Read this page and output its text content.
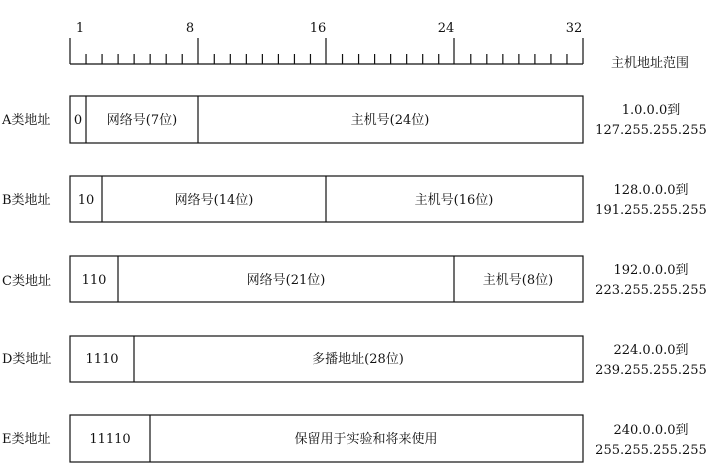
1	8	16	24	32
主机地址范围
A类地址 0 网络号(7位)	主机号(24位)
1.0.0.0到
127.255.255.255
B类地址 10	网络号(14位)	主机号(16位)
128.0.0.0到
191.255.255.255
C类地址 110	网络号(21位)	主机号(8位)
192.0.0.0到
223.255.255.255
D类地址	1110	多播地址(28位)
224.0.0.0到
239.255.255.255
E类地址	11110	保留用于实验和将来使用
240.0.0.0到
255.255.255.255
